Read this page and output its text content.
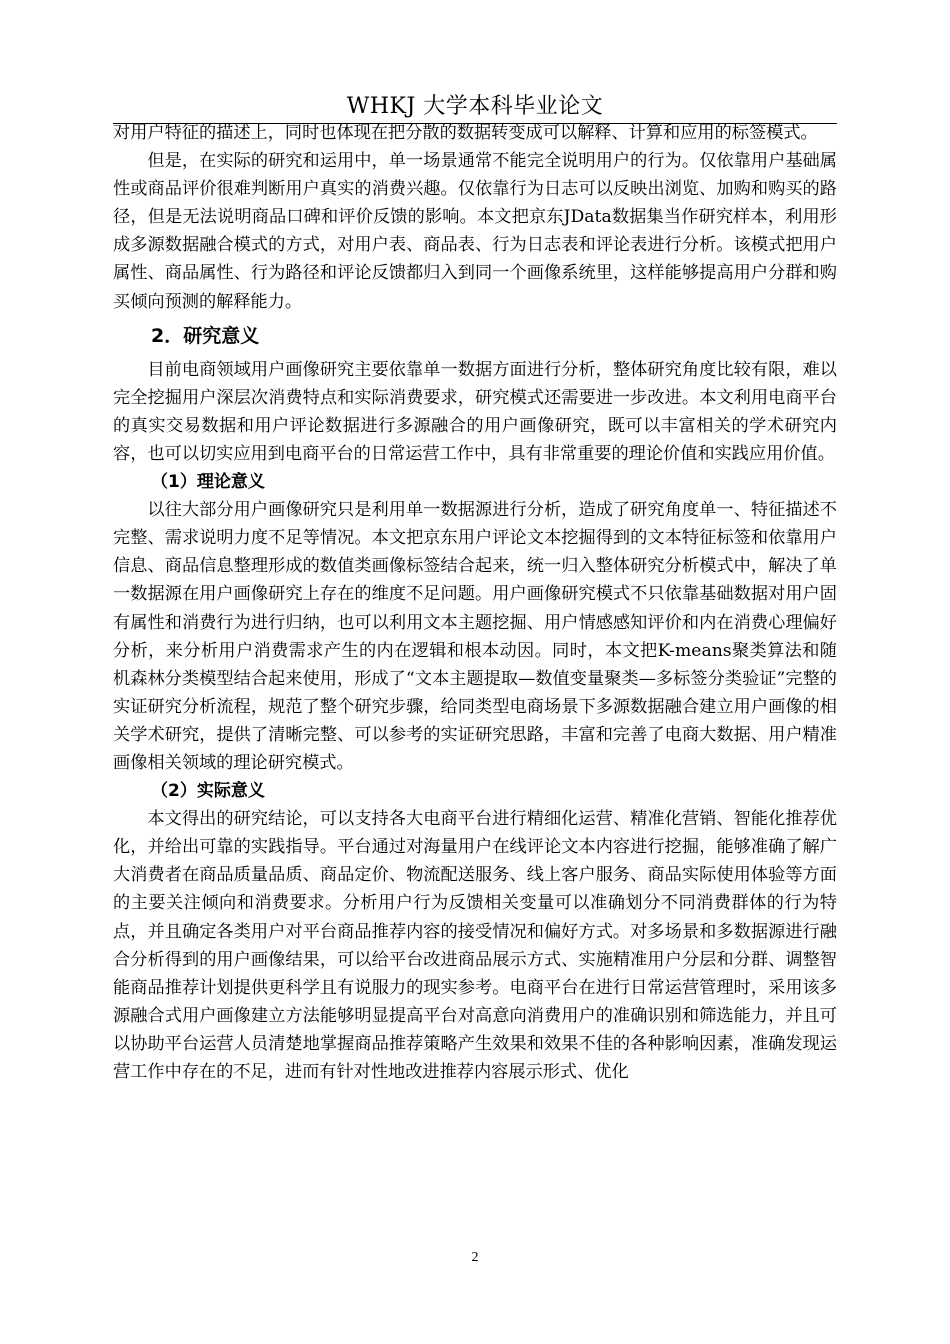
WHKJ 大学本科毕业论文

对用户特征的描述上，同时也体现在把分散的数据转变成可以解释、计算和应用的标签模式。

但是，在实际的研究和运用中，单一场景通常不能完全说明用户的行为。仅依靠用户基础属性或商品评价很难判断用户真实的消费兴趣。仅依靠行为日志可以反映出浏览、加购和购买的路径，但是无法说明商品口碑和评价反馈的影响。本文把京东JData数据集当作研究样本，利用形成多源数据融合模式的方式，对用户表、商品表、行为日志表和评论表进行分析。该模式把用户属性、商品属性、行为路径和评论反馈都归入到同一个画像系统里，这样能够提高用户分群和购买倾向预测的解释能力。

2．研究意义

目前电商领域用户画像研究主要依靠单一数据方面进行分析，整体研究角度比较有限，难以完全挖掘用户深层次消费特点和实际消费要求，研究模式还需要进一步改进。本文利用电商平台的真实交易数据和用户评论数据进行多源融合的用户画像研究，既可以丰富相关的学术研究内容，也可以切实应用到电商平台的日常运营工作中，具有非常重要的理论价值和实践应用价值。

（1）理论意义

以往大部分用户画像研究只是利用单一数据源进行分析，造成了研究角度单一、特征描述不完整、需求说明力度不足等情况。本文把京东用户评论文本挖掘得到的文本特征标签和依靠用户信息、商品信息整理形成的数值类画像标签结合起来，统一归入整体研究分析模式中，解决了单一数据源在用户画像研究上存在的维度不足问题。用户画像研究模式不只依靠基础数据对用户固有属性和消费行为进行归纳，也可以利用文本主题挖掘、用户情感感知评价和内在消费心理偏好分析，来分析用户消费需求产生的内在逻辑和根本动因。同时，本文把K-means聚类算法和随机森林分类模型结合起来使用，形成了“文本主题提取—数值变量聚类—多标签分类验证”完整的实证研究分析流程，规范了整个研究步骤，给同类型电商场景下多源数据融合建立用户画像的相关学术研究，提供了清晰完整、可以参考的实证研究思路，丰富和完善了电商大数据、用户精准画像相关领域的理论研究模式。

（2）实际意义

本文得出的研究结论，可以支持各大电商平台进行精细化运营、精准化营销、智能化推荐优化，并给出可靠的实践指导。平台通过对海量用户在线评论文本内容进行挖掘，能够准确了解广大消费者在商品质量品质、商品定价、物流配送服务、线上客户服务、商品实际使用体验等方面的主要关注倾向和消费要求。分析用户行为反馈相关变量可以准确划分不同消费群体的行为特点，并且确定各类用户对平台商品推荐内容的接受情况和偏好方式。对多场景和多数据源进行融合分析得到的用户画像结果，可以给平台改进商品展示方式、实施精准用户分层和分群、调整智能商品推荐计划提供更科学且有说服力的现实参考。电商平台在进行日常运营管理时，采用该多源融合式用户画像建立方法能够明显提高平台对高意向消费用户的准确识别和筛选能力，并且可以协助平台运营人员清楚地掌握商品推荐策略产生效果和效果不佳的各种影响因素，准确发现运营工作中存在的不足，进而有针对性地改进推荐内容展示形式、优化

2
